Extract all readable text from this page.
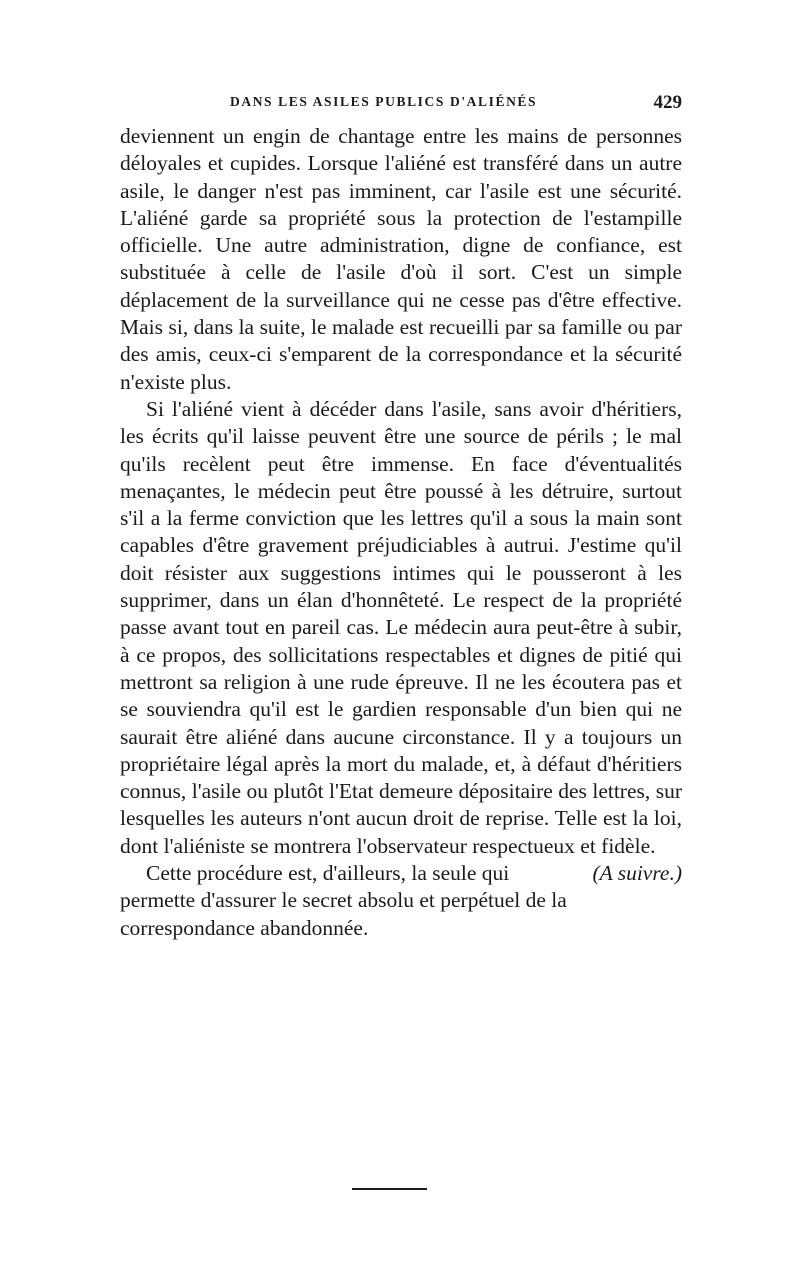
DANS LES ASILES PUBLICS D'ALIÉNÉS	429

deviennent un engin de chantage entre les mains de personnes déloyales et cupides. Lorsque l'aliéné est transféré dans un autre asile, le danger n'est pas imminent, car l'asile est une sécurité. L'aliéné garde sa propriété sous la protection de l'estampille officielle. Une autre administration, digne de confiance, est substituée à celle de l'asile d'où il sort. C'est un simple déplacement de la surveillance qui ne cesse pas d'être effective. Mais si, dans la suite, le malade est recueilli par sa famille ou par des amis, ceux-ci s'emparent de la correspondance et la sécurité n'existe plus.

Si l'aliéné vient à décéder dans l'asile, sans avoir d'héritiers, les écrits qu'il laisse peuvent être une source de périls ; le mal qu'ils recèlent peut être immense. En face d'éventualités menaçantes, le médecin peut être poussé à les détruire, surtout s'il a la ferme conviction que les lettres qu'il a sous la main sont capables d'être gravement préjudiciables à autrui. J'estime qu'il doit résister aux suggestions intimes qui le pousseront à les supprimer, dans un élan d'honnêteté. Le respect de la propriété passe avant tout en pareil cas. Le médecin aura peut-être à subir, à ce propos, des sollicitations respectables et dignes de pitié qui mettront sa religion à une rude épreuve. Il ne les écoutera pas et se souviendra qu'il est le gardien responsable d'un bien qui ne saurait être aliéné dans aucune circonstance. Il y a toujours un propriétaire légal après la mort du malade, et, à défaut d'héritiers connus, l'asile ou plutôt l'Etat demeure dépositaire des lettres, sur lesquelles les auteurs n'ont aucun droit de reprise. Telle est la loi, dont l'aliéniste se montrera l'observateur respectueux et fidèle.

(A suivre.)
Cette procédure est, d'ailleurs, la seule qui permette d'assurer le secret absolu et perpétuel de la correspondance abandonnée.
